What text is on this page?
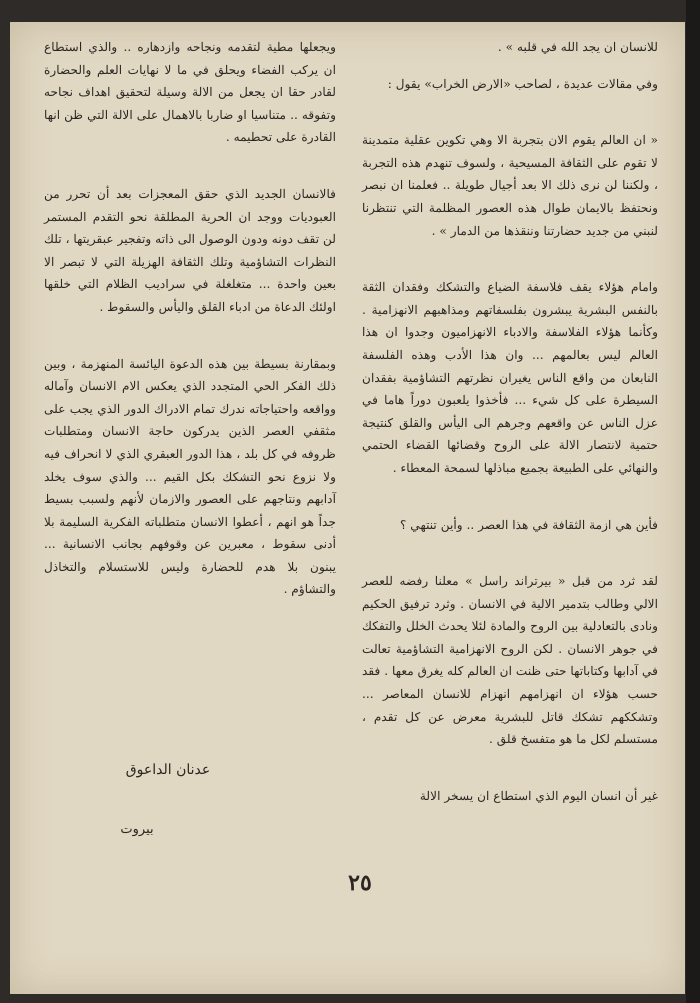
للانسان ان يجد الله في قلبه » .

وفي مقالات عديدة ، لصاحب «الارض الخراب» يقول :

« ان العالم يقوم الان بتجربة الا وهي تكوين عقلية متمدينة لا تقوم على الثقافة المسيحية ، ولسوف تنهدم هذه التجربة ، ولكننا لن نرى ذلك الا بعد أجيال طويلة .. فعلمنا ان نبصر ونحتفظ بالايمان طوال هذه العصور المظلمة التي تنتظرنا لنبني من جديد حضارتنا وننقذها من الدمار » .

وامام هؤلاء يقف فلاسفة الضياع والتشكك وفقدان الثقة بالنفس البشرية يبشرون بفلسفاتهم ومذاهبهم الانهزامية . وكأنما هؤلاء الفلاسفة والادباء الانهزاميون وجدوا ان هذا العالم ليس بعالمهم ... وان هذا الأدب وهذه الفلسفة النابعان من واقع الناس يغيران نظرتهم التشاؤمية بفقدان السيطرة على كل شيء ... فأخذوا يلعبون دوراً هاما في عزل الناس عن واقعهم وجرهم الى اليأس والقلق كنتيجة حتمية لانتصار الالة على الروح وقضائها القضاء الحتمي والنهائي على الطبيعة بجميع مباذلها لسمحة المعطاء .

فأين هي ازمة الثقافة في هذا العصر .. وأين تنتهي ؟

لقد ثرد من قبل « بيرتراند راسل » معلنا رفضه للعصر الالي وطالب بتدمير الالية في الانسان . وثرد ترفيق الحكيم ونادى بالتعادلية بين الروح والمادة لئلا يحدث الخلل والتفكك في جوهر الانسان . لكن الروح الانهزامية التشاؤمية تعالت في آدابها وكتاباتها حتى ظنت ان العالم كله يغرق معها . فقد حسب هؤلاء ان انهزامهم انهزام للانسان المعاصر ... وتشككهم تشكك قاتل للبشرية معرض عن كل تقدم ، مستسلم لكل ما هو متفسخ قلق .

غير أن انسان اليوم الذي استطاع ان يسخر الالة

ويجعلها مطية لتقدمه ونجاحه وازدهاره .. والذي استطاع ان يركب الفضاء ويحلق في ما لا نهايات العلم والحضارة لقادر حقا ان يجعل من الالة وسيلة لتحقيق اهداف نجاحه وتفوقه .. متناسيا او ضاربا بالاهمال على الالة التي ظن انها القادرة على تحطيمه .

فالانسان الجديد الذي حقق المعجزات بعد أن تحرر من العبوديات ووجد ان الحرية المطلقة نحو التقدم المستمر لن تقف دونه ودون الوصول الى ذاته وتفجير عبقريتها ، تلك النظرات التشاؤمية وتلك الثقافة الهزيلة التي لا تبصر الا بعين واحدة ... متغلغلة في سراديب الظلام التي خلقها اولئك الدعاة من ادباء القلق واليأس والسقوط .

وبمقارنة بسيطة بين هذه الدعوة اليائسة المنهزمة ، وبين ذلك الفكر الحي المتجدد الذي يعكس الام الانسان وآماله وواقعه واحتياجاته ندرك تمام الادراك الدور الذي يجب على مثقفي العصر الذين يدركون حاجة الانسان ومتطلبات ظروفه في كل بلد ، هذا الدور العبقري الذي لا انحراف فيه ولا نزوع نحو التشكك بكل القيم ... والذي سوف يخلد آدابهم ونتاجهم على العصور والازمان لأنهم ولسبب بسيط جداً هو انهم ، أعطوا الانسان متطلباته الفكرية السليمة بلا أدنى سقوط ، معبرين عن وقوفهم بجانب الانسانية ... يبنون بلا هدم للحضارة وليس للاستسلام والتخاذل والتشاؤم .

عدنان الداعوق
بيروت
٢٥
